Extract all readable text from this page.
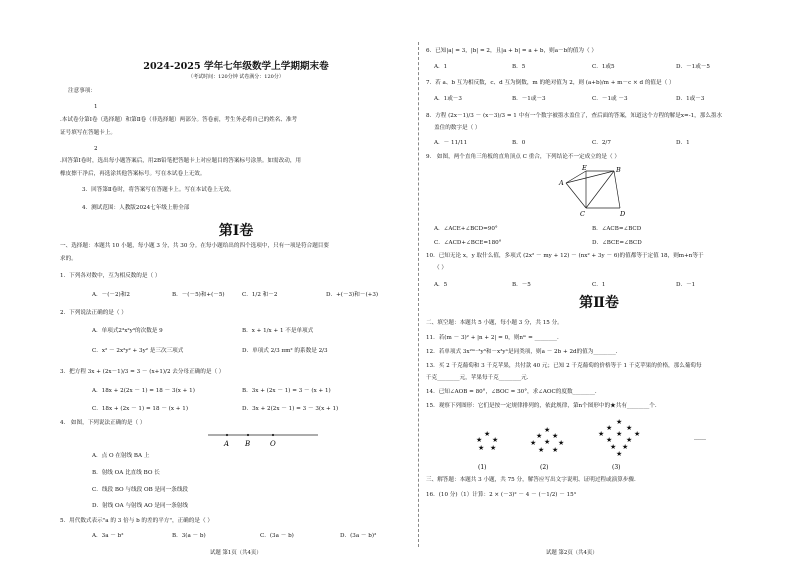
2024-2025 学年七年级数学上学期期末卷
（考试时间：120分钟 试卷满分：120分）
注意事项：
1
.本试卷分第Ⅰ卷（选择题）和第Ⅱ卷（非选择题）两部分。答卷前，考生务必将自己的姓名、准考
证号填写在答题卡上。
2
.回答第Ⅰ卷时，选出每小题答案后，用2B铅笔把答题卡上对应题目的答案标号涂黑。如需改动，用
橡皮擦干净后，再选涂其他答案标号。写在本试卷上无效。
3．回答第Ⅱ卷时，将答案写在答题卡上。写在本试卷上无效。
4．测试范围：人教版2024七年级上册全部
第Ⅰ卷
一、选择题：本题共 10 小题，每小题 3 分，共 30 分。在每小题给出的四个选项中，只有一项是符合题目要
求的。
1．下列各对数中，互为相反数的是（ ）
A．－(－2)和2	B．－(－5)和+(－5)	C．1/2 和－2	D．+(－3)和－(+3)
2．下列说法正确的是（ ）
A．单项式2³x²y³的次数是 9	B．x + 1/x + 1 不是单项式
C．x² － 2x²y² + 3y² 是三次三项式	D．单项式 2/3 πm² 的系数是 2/3
3．把方程 3x + (2x－1)/3 = 3 － (x+1)/2 去分母正确的是（ ）
A．18x + 2(2x － 1) = 18 － 3(x + 1)	B．3x + (2x － 1) = 3 － (x + 1)
C．18x + (2x － 1) = 18 － (x + 1)	D．3x + 2(2x － 1) = 3 － 3(x + 1)
4． 如图，下列说法正确的是（ ）
A B	O
A．点 O 在射线 BA 上
B．射线 OA 比直线 BO 长
C．线段 BO 与线段 OB 是同一条线段
D．射线 OA 与射线 AO 是同一条射线
5．用代数式表示"a 的 3 倍与 b 的差的平方"，正确的是（ ）
A．3a － b²	B．3(a － b)	C．(3a － b)	D．(3a － b)²
试题 第1页（共4页）
6．已知|a| = 3，|b| = 2，且|a + b| = a + b，则a－b的值为（ ）
A．1	B．5	C．1或5	D．－1或－5
7．若 a、b 互为相反数，c、d 互为倒数，m 的绝对值为 2，则 (a+b)/m + m－c × d 的值是（ ）
A．1或－3	B．－1或－3	C．－1或 －3	D．1或－3
8．方程 (2x－1)/3 － (x－3)/3 = 1 中有一个数字被墨水盖住了，查后面的答案，知道这个方程的解是x=-1，那么墨水
盖住的数字是（ ）
A．－ 11/11	B．0	C．2/7	D．1
9． 如图，两个直角三角板的直角顶点 C 重合，下列结论不一定成立的是（ ）
A
E	B
C	D
A．∠ACE+∠BCD=90°	B．∠ACB=∠BCD
C．∠ACD+∠BCE=180°	D．∠BCE=∠BCD
10．已知无论 x，y 取什么值，多项式 (2x² － my + 12) － (nx² + 3y － 6)的值都等于定值 18，则m+n等于
（ ）
A．5	B．－5	C．1	D．－1
第Ⅱ卷
二、填空题：本题共 5 小题，每小题 3 分，共 15 分。
11．若(m － 3)² + |n + 2| = 0，则nᵐ = ________.
12．若单项式 3x²ᵐ⁻³y³和－x³yⁿ是同类项，则a － 2b + 2d的值为________.
13．买 2 千克葡萄和 3 千克苹果，共付款 40 元；已知 2 千克葡萄的价格等于 1 千克苹果的价格，那么葡萄每
千克________元，苹果每千克________元.
14．已知∠AOB = 80°，∠BOC = 30°，求∠AOC的度数________.
15．观察下列图形：它们是按一定规律排列的，依此规律，第n个图形中的★共有________个.
★
★ ★
★ ★
★
★ ★
★ ★ ★
★ ★
★
★ ★
★ ★ ★
★ ★
★ ★
★
……
(1)	(2)	(3)
三、解答题：本题共 3 小题，共 75 分，解答应写出文字说明、证明过程或演算步骤.
16．(10 分)（1）计算：2 × (－3)² － 4 － (－1/2) － 15³
试题 第2页（共4页）
